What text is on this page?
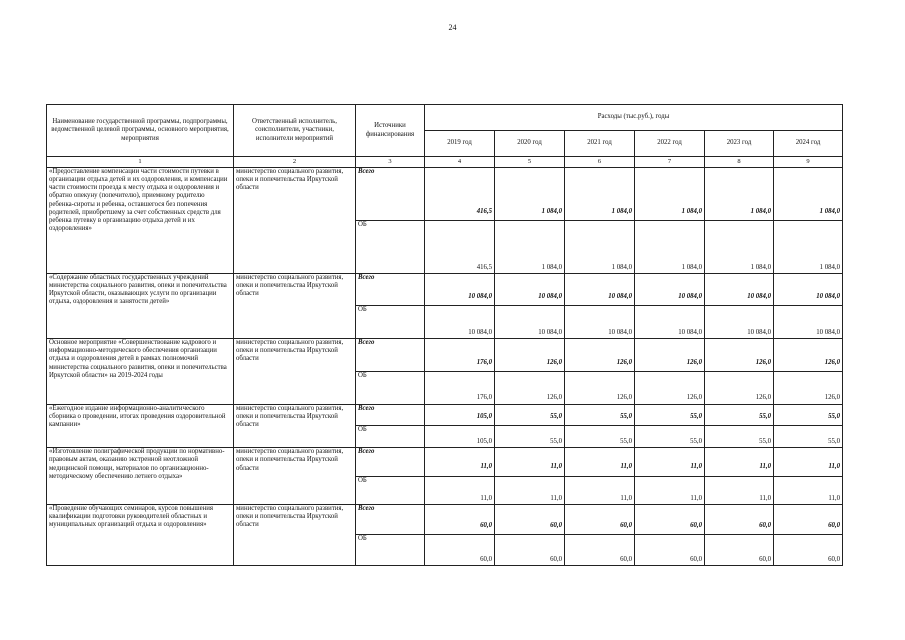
24
Наименование государственной программы, подпрограммы, ведомственной целевой программы, основного мероприятия, мероприятия	Ответственный исполнитель, соисполнители, участники, исполнители мероприятий	Источники финансирования	Расходы (тыс.руб.), годы					
			2019 год	2020 год	2021 год	2022 год	2023 год	2024 год
1	2	3	4	5	6	7	8	9
«Предоставление компенсации части стоимости путевки в организации отдыха детей и их оздоровления, и компенсации части стоимости проезда к месту отдыха и оздоровления и обратно опекуну (попечителю), приемному родителю ребенка-сироты и ребенка, оставшегося без попечения родителей, приобретшему за счет собственных средств для ребенка путевку в организацию отдыха детей и их оздоровления»	министерство социального развития, опеки и попечительства Иркутской области	Всего	416,5	1 084,0	1 084,0	1 084,0	1 084,0	1 084,0
		ОБ	416,5	1 084,0	1 084,0	1 084,0	1 084,0	1 084,0
«Содержание областных государственных учреждений министерства социального развития, опеки и попечительства Иркутской области, оказывающих услуги по организации отдыха, оздоровления и занятости детей»	министерство социального развития, опеки и попечительства Иркутской области	Всего	10 084,0	10 084,0	10 084,0	10 084,0	10 084,0	10 084,0
		ОБ	10 084,0	10 084,0	10 084,0	10 084,0	10 084,0	10 084,0
Основное мероприятие «Совершенствование кадрового и информационно-методического обеспечения организации отдыха и оздоровления детей в рамках полномочий министерства социального развития, опеки и попечительства Иркутской области» на 2019-2024 годы	министерство социального развития, опеки и попечительства Иркутской области	Всего	176,0	126,0	126,0	126,0	126,0	126,0
		ОБ	176,0	126,0	126,0	126,0	126,0	126,0
«Ежегодное издание информационно-аналитического сборника о проведении, итогах проведения оздоровительной кампании»	министерство социального развития, опеки и попечительства Иркутской области	Всего	105,0	55,0	55,0	55,0	55,0	55,0
		ОБ	105,0	55,0	55,0	55,0	55,0	55,0
«Изготовление полиграфической продукции по нормативно-правовым актам, оказанию экстренной неотложной медицинской помощи, материалов по организационно-методическому обеспечению летнего отдыха»	министерство социального развития, опеки и попечительства Иркутской области	Всего	11,0	11,0	11,0	11,0	11,0	11,0
		ОБ	11,0	11,0	11,0	11,0	11,0	11,0
«Проведение обучающих семинаров, курсов повышения квалификации подготовки руководителей областных и муниципальных организаций отдыха и оздоровления»	министерство социального развития, опеки и попечительства Иркутской области	Всего	60,0	60,0	60,0	60,0	60,0	60,0
		ОБ	60,0	60,0	60,0	60,0	60,0	60,0
